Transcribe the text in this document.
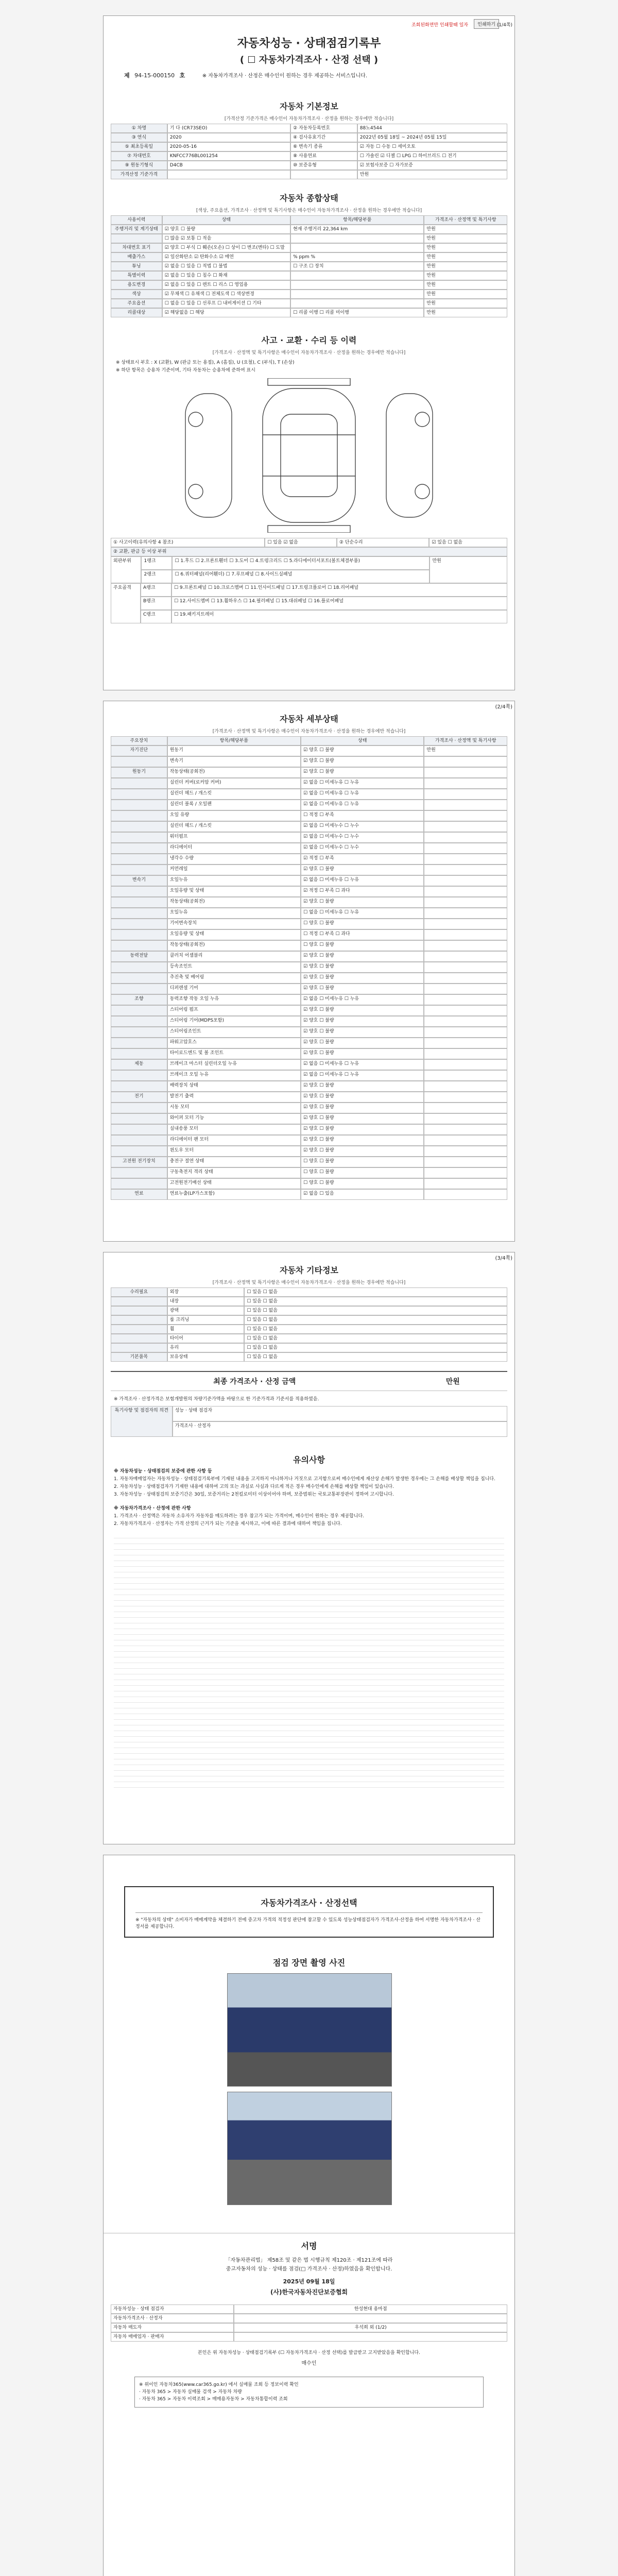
조회된화면만 인쇄할때 일자	인쇄하기 (1/4쪽)
자동차성능 · 상태점검기록부
( ☐ 자동차가격조사 · 산정 선택 )
제 94-15-000150 호	※ 자동차가격조사 · 산정은 매수인이 원하는 경우 제공하는 서비스입니다.
자동차 기본정보
[가격산정 기준가격은 매수인이 자동차가격조사 · 산정을 원하는 경우에만 적습니다]
① 차명	기 다 (CR73SEO)	② 자동차등록번호	88노4544
③ 연식	2020	④ 검사유효기간	2022년 05월 18일 ~ 2024년 05월 15일
⑤ 최초등록일	2020-05-16	⑥ 변속기 종류	☑ 자동 ☐ 수동 ☐ 세미오토
⑦ 차대번호	KNFCC776BL001254	⑧ 사용연료	☐ 가솔린 ☑ 디젤 ☐ LPG ☐ 하이브리드 ☐ 전기
⑨ 원동기형식	D4CB	⑩ 보증유형	☑ 보험사보증 ☐ 자가보증
가격산정 기준가격	만원
자동차 종합상태
[색상, 주요옵션, 가격조사 · 산정액 및 특기사항은 매수인이 자동차가격조사 · 산정을 원하는 경우에만 적습니다]
사용이력	상태	항목/해당부품	가격조사 · 산정액 및 특기사항
주행거리 및 계기상태	☑ 양호 ☐ 불량	현재 주행거리 22,364 km	만원
☐ 많음 ☑ 보통 ☐ 적음	만원
차대번호 표기	☑ 양호 ☐ 부식 ☐ 훼손(오손) ☐ 상이 ☐ 변조(변타) ☐ 도말	만원
배출가스	☑ 일산화탄소 ☑ 탄화수소 ☑ 매연	% ppm %	만원
튜닝	☑ 없음 ☐ 있음 ☐ 적법 ☐ 불법	☐ 구조 ☐ 장치	만원
특별이력	☑ 없음 ☐ 있음 ☐ 침수 ☐ 화재	만원
용도변경	☑ 없음 ☐ 있음 ☐ 렌트 ☐ 리스 ☐ 영업용	만원
색상	☑ 무채색 ☐ 유채색 ☐ 전체도색 ☐ 색상변경	만원
주요옵션	☐ 없음 ☐ 있음 ☐ 선루프 ☐ 내비게이션 ☐ 기타	만원
리콜대상	☑ 해당없음 ☐ 해당	☐ 리콜 이행 ☐ 리콜 미이행	만원
사고 · 교환 · 수리 등 이력
[가격조사 · 산정액 및 특기사항은 매수인이 자동차가격조사 · 산정을 원하는 경우에만 적습니다]
※ 상태표시 부호 : X (교환), W (판금 또는 용접), A (흠집), U (요철), C (부식), T (손상)
※ 하단 항목은 승용차 기준이며, 기타 자동차는 승용차에 준하여 표시
① 사고이력(유의사항 4 참조)	☐ 있음 ☑ 없음	② 단순수리	☑ 있음 ☐ 없음
② 교환, 판금 등 이상 부위
외판부위	1랭크	☐ 1.후드 ☐ 2.프론트휀더 ☐ 3.도어 ☐ 4.트렁크리드 ☐ 5.라디에이터서포트(볼트체결부품)
2랭크	☐ 6.쿼터패널(리어휀더) ☐ 7.루프패널 ☐ 8.사이드실패널
만원
주요골격	A랭크	☐ 9.프론트패널 ☐ 10.크로스멤버 ☐ 11.인사이드패널 ☐ 17.트렁크플로어 ☐ 18.리어패널
B랭크	☐ 12.사이드멤버 ☐ 13.휠하우스 ☐ 14.필러패널 ☐ 15.대쉬패널 ☐ 16.플로어패널
C랭크	☐ 19.패키지트레이
(2/4쪽)
자동차 세부상태
[가격조사 · 산정액 및 특기사항은 매수인이 자동차가격조사 · 산정을 원하는 경우에만 적습니다]
주요장치	항목/해당부품	상태	가격조사 · 산정액 및 특기사항
자기진단	원동기	☑ 양호 ☐ 불량	만원
변속기	☑ 양호 ☐ 불량
원동기	작동상태(공회전)	☑ 양호 ☐ 불량
실린더 커버(로커암 커버)	☑ 없음 ☐ 미세누유 ☐ 누유
실린더 헤드 / 개스킷	☑ 없음 ☐ 미세누유 ☐ 누유
실린더 블록 / 오일팬	☑ 없음 ☐ 미세누유 ☐ 누유
오일 유량	☐ 적정 ☐ 부족
실린더 헤드 / 개스킷	☑ 없음 ☐ 미세누수 ☐ 누수
워터펌프	☑ 없음 ☐ 미세누수 ☐ 누수
라디에이터	☑ 없음 ☐ 미세누수 ☐ 누수
냉각수 수량	☑ 적정 ☐ 부족
커먼레일	☑ 양호 ☐ 불량
변속기	오일누유	☑ 없음 ☐ 미세누유 ☐ 누유
오일유량 및 상태	☑ 적정 ☐ 부족 ☐ 과다
작동상태(공회전)	☑ 양호 ☐ 불량
오일누유	☐ 없음 ☐ 미세누유 ☐ 누유
기어변속장치	☐ 양호 ☐ 불량
오일유량 및 상태	☐ 적정 ☐ 부족 ☐ 과다
작동상태(공회전)	☐ 양호 ☐ 불량
동력전달	클러치 어셈블리	☑ 양호 ☐ 불량
등속조인트	☑ 양호 ☐ 불량
추진축 및 베어링	☑ 양호 ☐ 불량
디퍼렌셜 기어	☑ 양호 ☐ 불량
조향	동력조향 작동 오일 누유	☑ 없음 ☐ 미세누유 ☐ 누유
스티어링 펌프	☑ 양호 ☐ 불량
스티어링 기어(MDPS포함)	☑ 양호 ☐ 불량
스티어링조인트	☑ 양호 ☐ 불량
파워고압호스	☑ 양호 ☐ 불량
타이로드엔드 및 볼 조인트	☑ 양호 ☐ 불량
제동	브레이크 마스터 실린더오일 누유	☑ 없음 ☐ 미세누유 ☐ 누유
브레이크 오일 누유	☑ 없음 ☐ 미세누유 ☐ 누유
배력장치 상태	☑ 양호 ☐ 불량
전기	발전기 출력	☑ 양호 ☐ 불량
시동 모터	☑ 양호 ☐ 불량
와이퍼 모터 기능	☑ 양호 ☐ 불량
실내송풍 모터	☑ 양호 ☐ 불량
라디에이터 팬 모터	☑ 양호 ☐ 불량
윈도우 모터	☑ 양호 ☐ 불량
고전원 전기장치	충전구 절연 상태	☐ 양호 ☐ 불량
구동축전지 격리 상태	☐ 양호 ☐ 불량
고전원전기배선 상태	☐ 양호 ☐ 불량
연료	연료누출(LP가스포함)	☑ 없음 ☐ 있음
(3/4쪽)
자동차 기타정보
[가격조사 · 산정액 및 특기사항은 매수인이 자동차가격조사 · 산정을 원하는 경우에만 적습니다]
수리필요	외장	☐ 있음 ☐ 없음
내장	☐ 있음 ☐ 없음
광택	☐ 있음 ☐ 없음
룸 크리닝	☐ 있음 ☐ 없음
휠	☐ 있음 ☐ 없음
타이어	☐ 있음 ☐ 없음
유리	☐ 있음 ☐ 없음
기본품목	보유상태	☐ 있음 ☐ 없음
최종 가격조사 · 산정 금액	만원
※ 가격조사 · 산정가격은 보험개발원의 차량기준가액을 바탕으로 한 기준가격과 기준서를 적용하였음.
특기사항 및 점검자의 의견	성능 · 상태 점검자
가격조사 · 산정자
유의사항

※ 자동차성능 · 상태점검의 보증에 관한 사항 등

1. 자동차매매업자는 자동차성능 · 상태점검기록부에 기재된 내용을 고지하지 아니하거나 거짓으로 고지함으로써 매수인에게 재산상 손해가 발생한 경우에는 그 손해를 배상할 책임을 집니다.

2. 자동차성능 · 상태점검자가 기재한 내용에 대하여 고의 또는 과실로 사실과 다르게 적은 경우 매수인에게 손해를 배상할 책임이 있습니다.

3. 자동차성능 · 상태점검의 보증기간은 30일, 보증거리는 2천킬로미터 이상이어야 하며, 보증범위는 국토교통부장관이 정하여 고시합니다.

※ 자동차가격조사 · 산정에 관한 사항

1. 가격조사 · 산정액은 자동차 소유자가 자동차를 매도하려는 경우 참고가 되는 가격이며, 매수인이 원하는 경우 제공합니다.

2. 자동차가격조사 · 산정자는 가격 산정의 근거가 되는 기준을 제시하고, 이에 따른 결과에 대하여 책임을 집니다.

자동차가격조사 · 산정선택
※ "자동차의 상태" 소비자가 매매계약을 체결하기 전에 중고차 가격의 적정성 판단에 참고할 수 있도록 성능상태점검자가 가격조사·산정을 하여 서명한 자동차가격조사 · 산정서를 제공합니다.
점검 장면 촬영 사진
서명
「자동차관리법」 제58조 및 같은 법 시행규칙 제120조 · 제121조에 따라
중고자동차의 성능 · 상태를 점검(□ 가격조사 · 산정)하였음을 확인합니다.
2025년 09월 18일
(사)한국자동차진단보증협회
자동차성능 · 상태 점검자	한성현대 용마점
자동차가격조사 · 산정자
자동차 매도자	우석희 외 (1/2)
자동차 매매업자 · 판매자
본인은 위 자동차성능 · 상태점검기록부 (☐ 자동차가격조사 · 산정 선택)를 발급받고 고지받았음을 확인합니다.
매수인
※ 위이인 자동차365(www.car365.go.kr) 에서 실매물 조회 등 정보이력 확인
· 자동차 365 > 자동차 실매물 검색 > 자동차 차량
· 자동차 365 > 자동차 이력조회 > 매매용자동차 > 자동차통합이력 조회
